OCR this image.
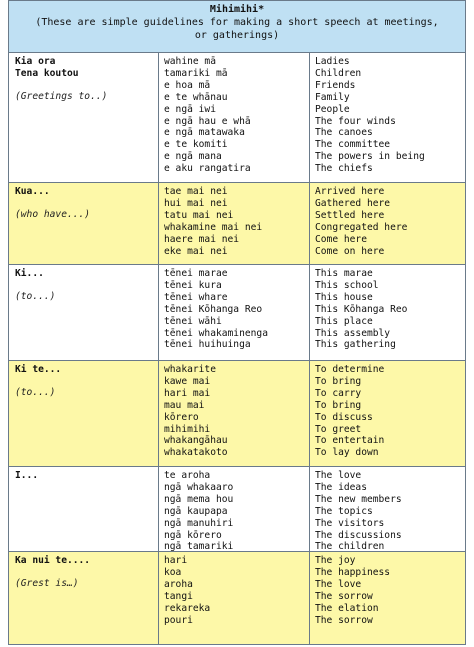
Mihimihi*
(These are simple guidelines for making a short speech at meetings,
or gatherings)
Kia ora
Tena koutou
(Greetings to..)
wahine mā
tamariki mā
e hoa mā
e te whānau
e ngā iwi
e ngā hau e whā
e ngā matawaka
e te komiti
e ngā mana
e aku rangatira
Ladies
Children
Friends
Family
People
The four winds
The canoes
The committee
The powers in being
The chiefs
Kua...
(who have...)
tae mai nei
hui mai nei
tatu mai nei
whakamine mai nei
haere mai nei
eke mai nei
Arrived here
Gathered here
Settled here
Congregated here
Come here
Come on here
Ki...
(to...)
tēnei marae
tēnei kura
tēnei whare
tēnei Kōhanga Reo
tēnei wāhi
tēnei whakaminenga
tēnei huihuinga
This marae
This school
This house
This Kōhanga Reo
This place
This assembly
This gathering
Ki te...
(to...)
whakarite
kawe mai
hari mai
mau mai
kōrero
mihimihi
whakangāhau
whakatakoto
To determine
To bring
To carry
To bring
To discuss
To greet
To entertain
To lay down
I...	te aroha
ngā whakaaro
ngā mema hou
ngā kaupapa
ngā manuhiri
ngā kōrero
ngā tamariki
The love
The ideas
The new members
The topics
The visitors
The discussions
The children
Ka nui te....
(Grest is…)
hari
koa
aroha
tangi
rekareka
pouri
The joy
The happiness
The love
The sorrow
The elation
The sorrow
